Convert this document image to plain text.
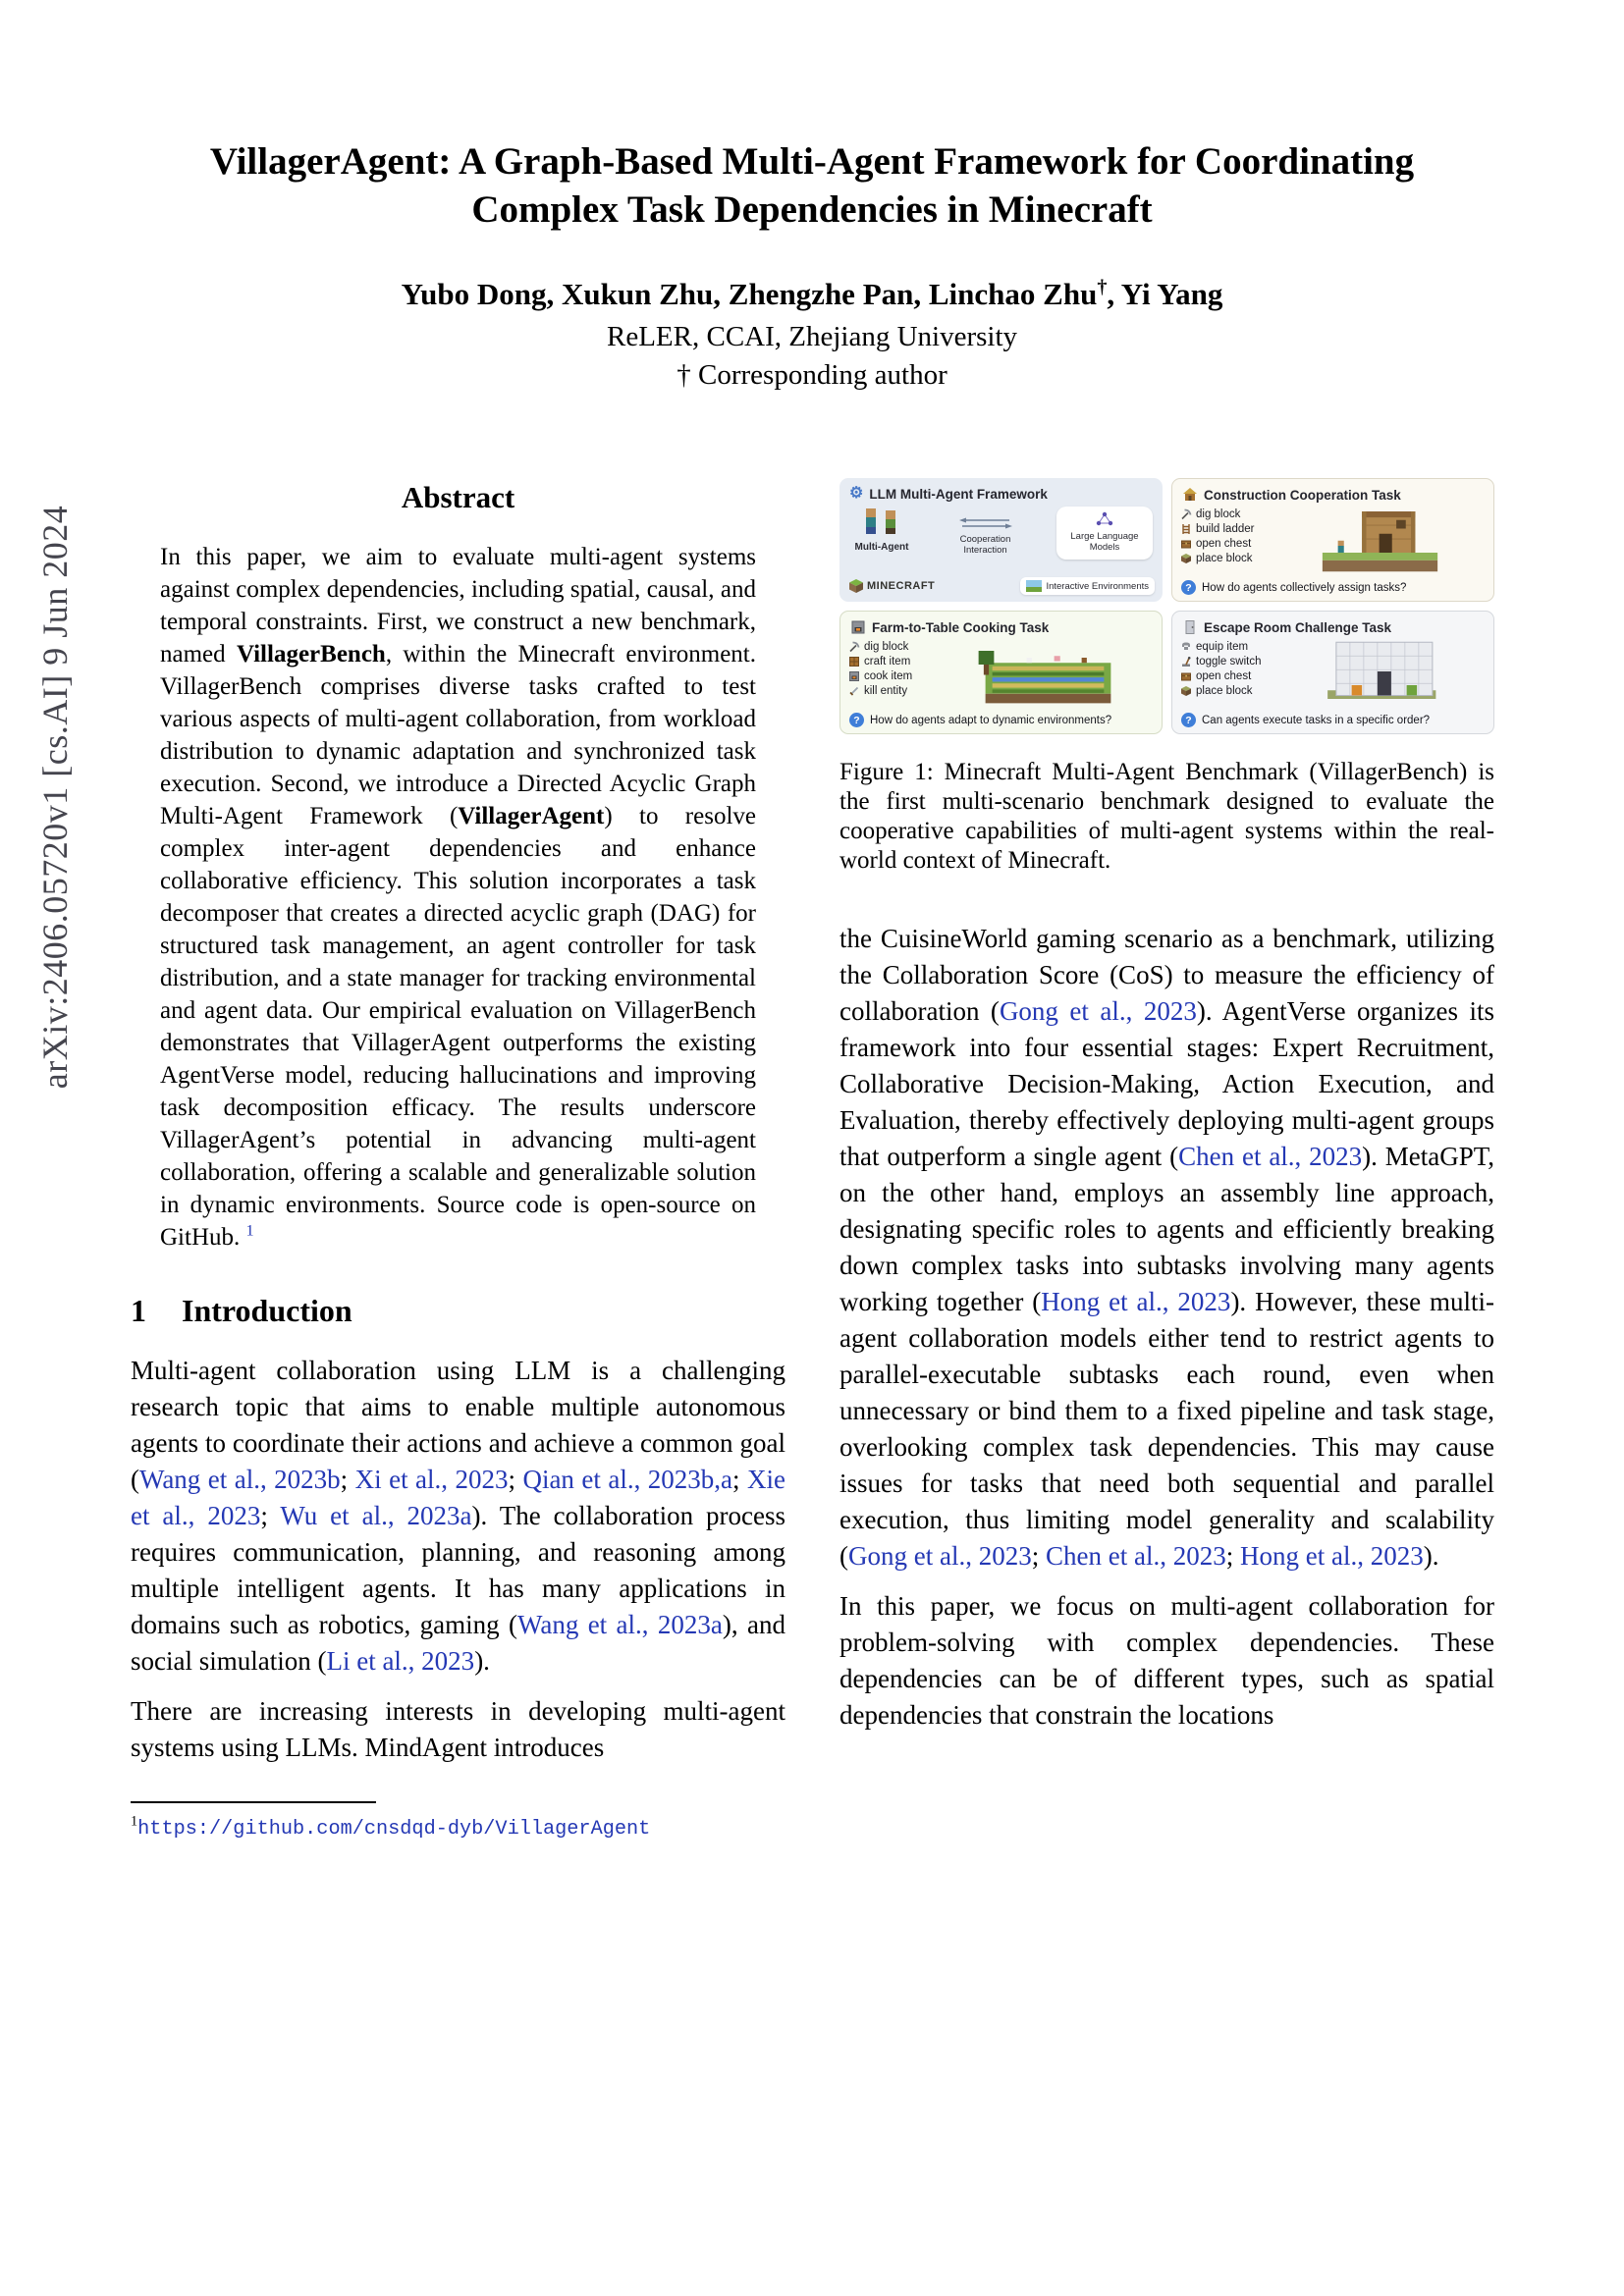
arXiv:2406.05720v1 [cs.AI] 9 Jun 2024
VillagerAgent: A Graph-Based Multi-Agent Framework for Coordinating Complex Task Dependencies in Minecraft
Yubo Dong, Xukun Zhu, Zhengzhe Pan, Linchao Zhu†, Yi Yang
ReLER, CCAI, Zhejiang University
† Corresponding author
Abstract

In this paper, we aim to evaluate multi-agent systems against complex dependencies, including spatial, causal, and temporal constraints. First, we construct a new benchmark, named VillagerBench, within the Minecraft environment. VillagerBench comprises diverse tasks crafted to test various aspects of multi-agent collaboration, from workload distribution to dynamic adaptation and synchronized task execution. Second, we introduce a Directed Acyclic Graph Multi-Agent Framework (VillagerAgent) to resolve complex inter-agent dependencies and enhance collaborative efficiency. This solution incorporates a task decomposer that creates a directed acyclic graph (DAG) for structured task management, an agent controller for task distribution, and a state manager for tracking environmental and agent data. Our empirical evaluation on VillagerBench demonstrates that VillagerAgent outperforms the existing AgentVerse model, reducing hallucinations and improving task decomposition efficacy. The results underscore VillagerAgent’s potential in advancing multi-agent collaboration, offering a scalable and generalizable solution in dynamic environments. Source code is open-source on GitHub. $^1$

1 Introduction

Multi-agent collaboration using LLM is a challenging research topic that aims to enable multiple autonomous agents to coordinate their actions and achieve a common goal (Wang et al., 2023b; Xi et al., 2023; Qian et al., 2023b,a; Xie et al., 2023; Wu et al., 2023a). The collaboration process requires communication, planning, and reasoning among multiple intelligent agents. It has many applications in domains such as robotics, gaming (Wang et al., 2023a), and social simulation (Li et al., 2023).

There are increasing interests in developing multi-agent systems using LLMs. MindAgent introduces

$^1$https://github.com/cnsdqd-dyb/VillagerAgent
⚙ LLM Multi-Agent Framework
Multi-Agent
Cooperation Interaction
Large Language Models
MINECRAFT	Interactive Environments
Construction Cooperation Task
dig block
build ladder
open chest
place block
? How do agents collectively assign tasks?
Farm-to-Table Cooking Task
dig block
craft item
cook item
kill entity
? How do agents adapt to dynamic environments?
Escape Room Challenge Task
equip item
toggle switch
open chest
place block
? Can agents execute tasks in a specific order?
Figure 1: Minecraft Multi-Agent Benchmark (VillagerBench) is the first multi-scenario benchmark designed to evaluate the cooperative capabilities of multi-agent systems within the real-world context of Minecraft.

the CuisineWorld gaming scenario as a benchmark, utilizing the Collaboration Score (CoS) to measure the efficiency of collaboration (Gong et al., 2023). AgentVerse organizes its framework into four essential stages: Expert Recruitment, Collaborative Decision-Making, Action Execution, and Evaluation, thereby effectively deploying multi-agent groups that outperform a single agent (Chen et al., 2023). MetaGPT, on the other hand, employs an assembly line approach, designating specific roles to agents and efficiently breaking down complex tasks into subtasks involving many agents working together (Hong et al., 2023). However, these multi-agent collaboration models either tend to restrict agents to parallel-executable subtasks each round, even when unnecessary or bind them to a fixed pipeline and task stage, overlooking complex task dependencies. This may cause issues for tasks that need both sequential and parallel execution, thus limiting model generality and scalability (Gong et al., 2023; Chen et al., 2023; Hong et al., 2023).

In this paper, we focus on multi-agent collaboration for problem-solving with complex dependencies. These dependencies can be of different types, such as spatial dependencies that constrain the locations
